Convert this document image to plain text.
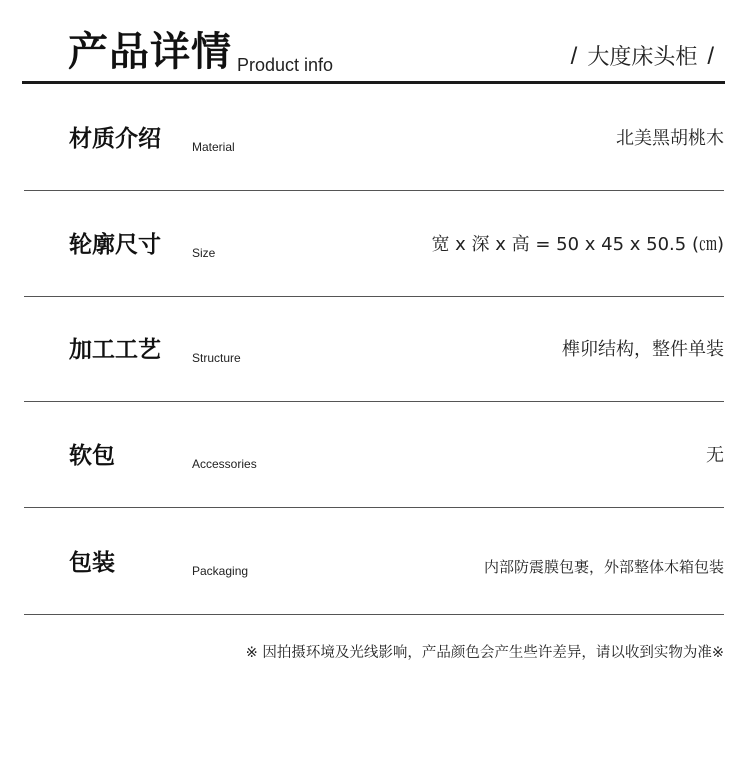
产品详情 Product info	/ 大度床头柜 /
材质介绍	Material	北美黑胡桃木
轮廓尺寸	Size	宽 x 深 x 高 = 50 x 45 x 50.5 (㎝)
加工工艺	Structure	榫卯结构，整件单装
软包	Accessories	无
包装	Packaging	内部防震膜包裹，外部整体木箱包装
※ 因拍摄环境及光线影响，产品颜色会产生些许差异，请以收到实物为准※
